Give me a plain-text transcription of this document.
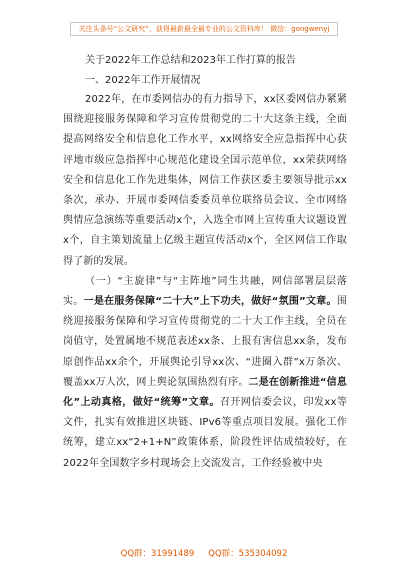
关注头条号“公文研究”，获得最新最全最专业的公文资料库！ 微信：gongwenyj
关于2022年工作总结和2023年工作打算的报告
一、2022年工作开展情况

2022年，在市委网信办的有力指导下，xx区委网信办紧紧围绕迎接服务保障和学习宣传贯彻党的二十大这条主线，全面提高网络安全和信息化工作水平，xx网络安全应急指挥中心获评地市级应急指挥中心规范化建设全国示范单位，xx荣获网络安全和信息化工作先进集体，网信工作获区委主要领导批示xx条次，承办、开展市委网信委委员单位联络员会议、全市网络舆情应急演练等重要活动x个，入选全市网上宣传重大议题设置x个，自主策划流量上亿级主题宣传活动x个，全区网信工作取得了新的发展。

（一）“主旋律”与“主阵地”同生共融，网信部署层层落实。一是在服务保障“二十大”上下功夫，做好“氛围”文章。围绕迎接服务保障和学习宣传贯彻党的二十大工作主线，全员在岗值守，处置属地不规范表述xx条、上报有害信息xx条，发布原创作品xx余个，开展舆论引导xx次、“进圈入群”x万条次、覆盖xx万人次，网上舆论氛围热烈有序。二是在创新推进“信息化”上动真格，做好“统筹”文章。召开网信委会议，印发xx等文件，扎实有效推进区块链、IPv6等重点项目发展。强化工作统筹，建立xx“2+1+N”政策体系，阶段性评估成绩较好，在2022年全国数字乡村现场会上交流发言，工作经验被中央

QQ群：31991489 QQ群：535304092
